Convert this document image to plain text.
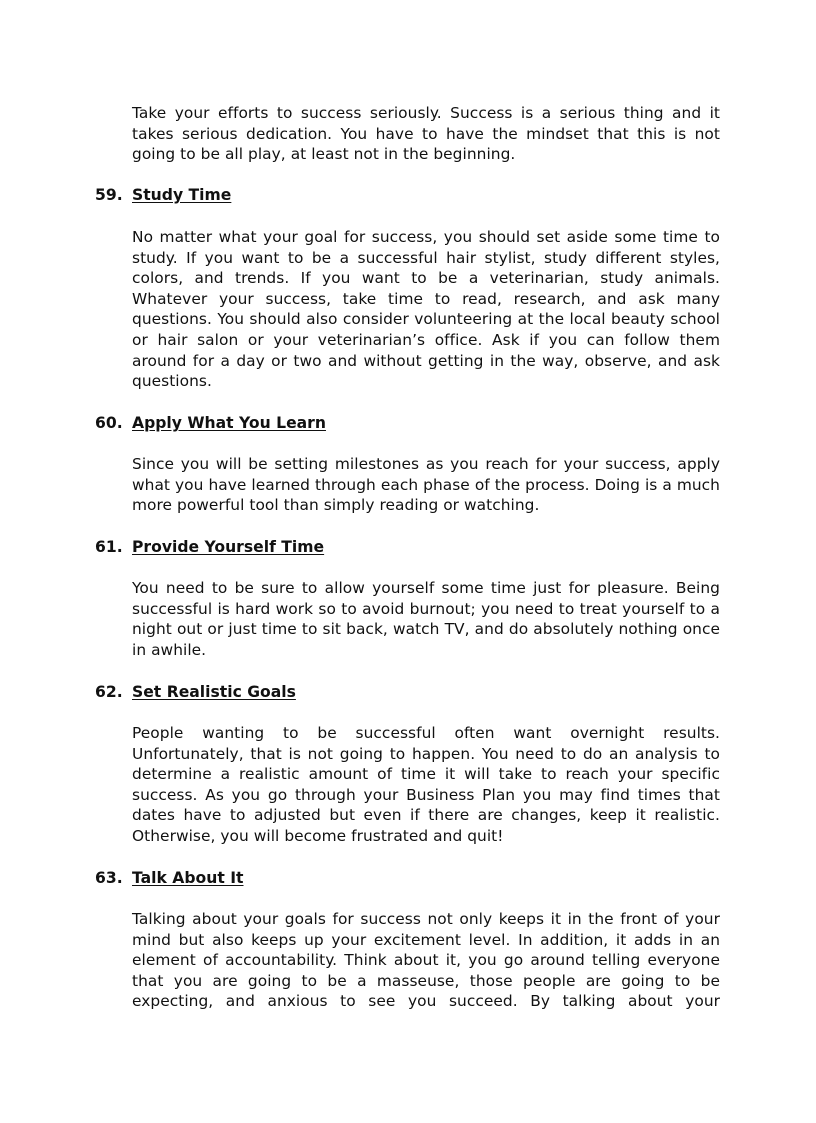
Take your efforts to success seriously. Success is a serious thing and it takes serious dedication. You have to have the mindset that this is not going to be all play, at least not in the beginning.

59. Study Time

No matter what your goal for success, you should set aside some time to study. If you want to be a successful hair stylist, study different styles, colors, and trends. If you want to be a veterinarian, study animals. Whatever your success, take time to read, research, and ask many questions. You should also consider volunteering at the local beauty school or hair salon or your veterinarian’s office. Ask if you can follow them around for a day or two and without getting in the way, observe, and ask questions.

60. Apply What You Learn

Since you will be setting milestones as you reach for your success, apply what you have learned through each phase of the process. Doing is a much more powerful tool than simply reading or watching.

61. Provide Yourself Time

You need to be sure to allow yourself some time just for pleasure. Being successful is hard work so to avoid burnout; you need to treat yourself to a night out or just time to sit back, watch TV, and do absolutely nothing once in awhile.

62. Set Realistic Goals

People wanting to be successful often want overnight results. Unfortunately, that is not going to happen. You need to do an analysis to determine a realistic amount of time it will take to reach your specific success. As you go through your Business Plan you may find times that dates have to adjusted but even if there are changes, keep it realistic. Otherwise, you will become frustrated and quit!

63. Talk About It

Talking about your goals for success not only keeps it in the front of your mind but also keeps up your excitement level. In addition, it adds in an element of accountability. Think about it, you go around telling everyone that you are going to be a masseuse, those people are going to be expecting, and anxious to see you succeed. By talking about your
